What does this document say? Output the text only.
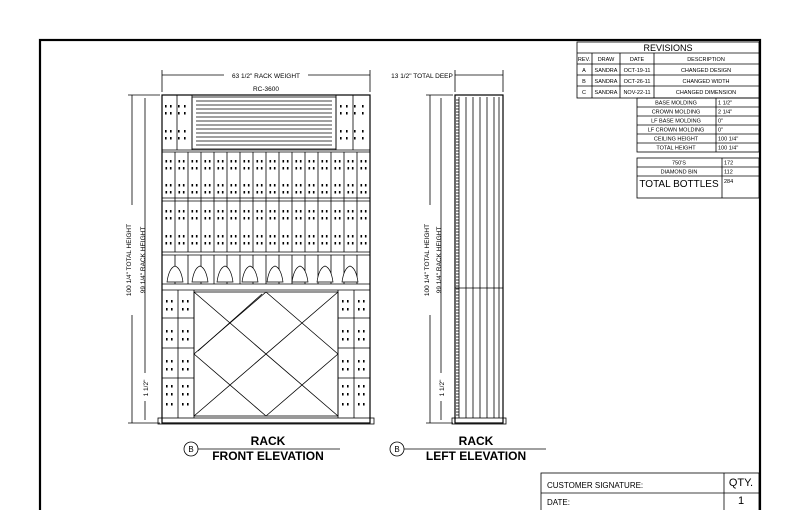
63 1/2" RACK WEIGHT
RC-3600
100 1/4" TOTAL HEIGHT 99 1/4" RACK HEIGHT
1 1/2"
B
RACK
FRONT ELEVATION
13 1/2" TOTAL DEEP
100 1/4" TOTAL HEIGHT 99 1/4" RACK HEIGHT
1 1/2"
B
RACK
LEFT ELEVATION
REVISIONS
REV. DRAW	DATE	DESCRIPTION
A SANDRA OCT-19-11	CHANGED DESIGN
B SANDRA OCT-26-11	CHANGED WIDTH
C SANDRA NOV-22-11	CHANGED DIMENSION
BASE MOLDING	1 1/2"
CROWN MOLDING	2 1/4"
LF BASE MOLDING	0"
LF CROWN MOLDING 0"
CEILING HEIGHT	100 1/4"
TOTAL HEIGHT	100 1/4"
750'S	172
DIAMOND BIN	112
TOTAL BOTTLES 284
CUSTOMER SIGNATURE:
DATE:
QTY.
1
